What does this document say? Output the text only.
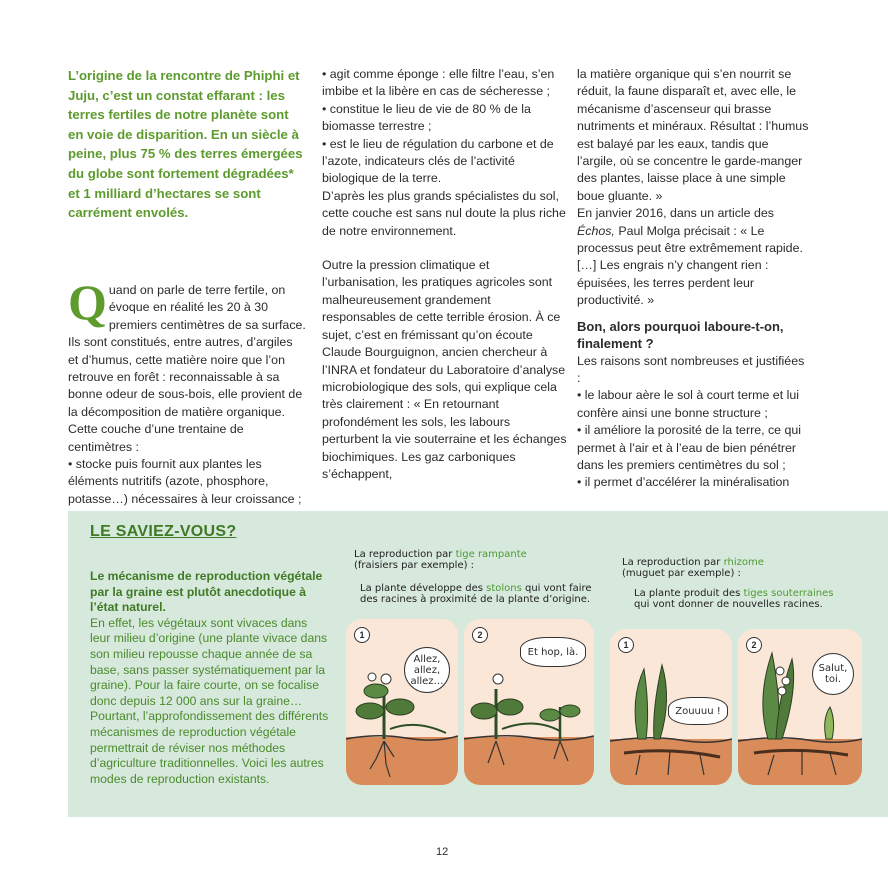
L’origine de la rencontre de Phiphi et Juju, c’est un constat effarant : les terres fertiles de notre planète sont en voie de disparition. En un siècle à peine, plus 75 % des terres émergées du globe sont fortement dégradées* et 1 milliard d’hectares se sont carrément envolés.

Quand on parle de terre fertile, on évoque en réalité les 20 à 30 premiers centimètres de sa surface. Ils sont constitués, entre autres, d’argiles et d’humus, cette matière noire que l’on retrouve en forêt : reconnaissable à sa bonne odeur de sous-bois, elle provient de la décomposition de matière organique. Cette couche d’une trentaine de centimètres :

• stocke puis fournit aux plantes les éléments nutritifs (azote, phosphore, potasse…) nécessaires à leur croissance ;

• agit comme éponge : elle filtre l’eau, s’en imbibe et la libère en cas de sécheresse ;

• constitue le lieu de vie de 80 % de la biomasse terrestre ;

• est le lieu de régulation du carbone et de l’azote, indicateurs clés de l’activité biologique de la terre.

D’après les plus grands spécialistes du sol, cette couche est sans nul doute la plus riche de notre environnement.

Outre la pression climatique et l’urbanisation, les pratiques agricoles sont malheureusement grandement responsables de cette terrible érosion. À ce sujet, c’est en frémissant qu’on écoute Claude Bourguignon, ancien chercheur à l’INRA et fondateur du Laboratoire d’analyse microbiologique des sols, qui explique cela très clairement : « En retournant profondément les sols, les labours perturbent la vie souterraine et les échanges biochimiques. Les gaz carboniques s’échappent,

la matière organique qui s’en nourrit se réduit, la faune disparaît et, avec elle, le mécanisme d’ascenseur qui brasse nutriments et minéraux. Résultat : l’humus est balayé par les eaux, tandis que l’argile, où se concentre le garde-manger des plantes, laisse place à une simple boue gluante. »

En janvier 2016, dans un article des Échos, Paul Molga précisait : « Le processus peut être extrêmement rapide. […] Les engrais n’y changent rien : épuisées, les terres perdent leur productivité. »

Bon, alors pourquoi laboure-t-on, finalement ?

Les raisons sont nombreuses et justifiées :

• le labour aère le sol à court terme et lui confère ainsi une bonne structure ;

• il améliore la porosité de la terre, ce qui permet à l’air et à l’eau de bien pénétrer dans les premiers centimètres du sol ;

• il permet d’accélérer la minéralisation

LE SAVIEZ-VOUS?
Le mécanisme de reproduction végétale par la graine est plutôt anecdotique à l’état naturel.
En effet, les végétaux sont vivaces dans leur milieu d’origine (une plante vivace dans son milieu repousse chaque année de sa base, sans passer systématiquement par la graine). Pour la faire courte, on se focalise donc depuis 12 000 ans sur la graine… Pourtant, l’approfondissement des différents mécanismes de reproduction végétale permettrait de réviser nos méthodes d’agriculture traditionnelles. Voici les autres modes de reproduction existants.
La reproduction par tige rampante
(fraisiers par exemple) :
La plante développe des stolons qui vont faire des racines à proximité de la plante d’origine.
1
Allez, allez, allez…
2
Et hop, là.
La reproduction par rhizome
(muguet par exemple) :
La plante produit des tiges souterraines qui vont donner de nouvelles racines.
1
Zouuuu !
2
Salut, toi.
12
